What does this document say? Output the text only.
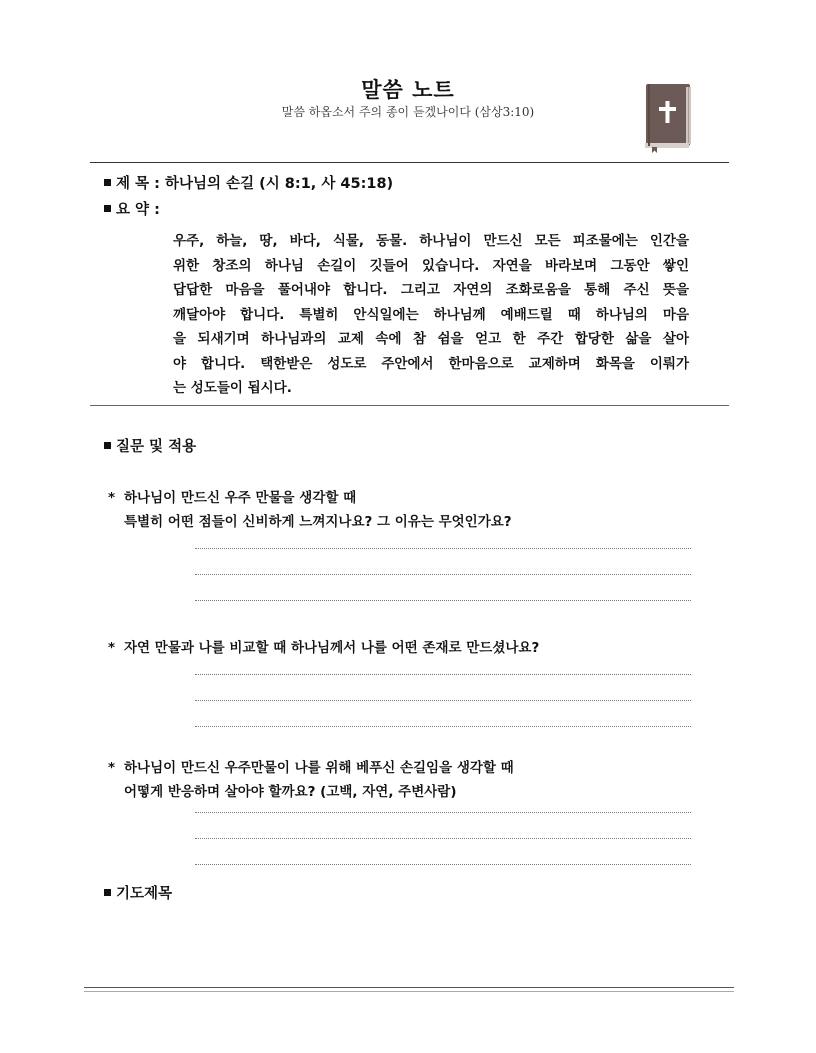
말씀 노트
말씀 하옵소서 주의 종이 듣겠나이다 (삼상3:10)
제 목 : 하나님의 손길 (시 8:1, 사 45:18)
요 약 :
우주, 하늘, 땅, 바다, 식물, 동물. 하나님이 만드신 모든 피조물에는 인간을
위한 창조의 하나님 손길이 깃들어 있습니다. 자연을 바라보며 그동안 쌓인
답답한 마음을 풀어내야 합니다. 그리고 자연의 조화로움을 통해 주신 뜻을
깨달아야 합니다. 특별히 안식일에는 하나님께 예배드릴 때 하나님의 마음
을 되새기며 하나님과의 교제 속에 참 쉼을 얻고 한 주간 합당한 삶을 살아
야 합니다. 택한받은 성도로 주안에서 한마음으로 교제하며 화목을 이뤄가
는 성도들이 됩시다.
질문 및 적용
* 하나님이 만드신 우주 만물을 생각할 때
특별히 어떤 점들이 신비하게 느껴지나요? 그 이유는 무엇인가요?
* 자연 만물과 나를 비교할 때 하나님께서 나를 어떤 존재로 만드셨나요?
* 하나님이 만드신 우주만물이 나를 위해 베푸신 손길임을 생각할 때
어떻게 반응하며 살아야 할까요? (고백, 자연, 주변사람)
기도제목
